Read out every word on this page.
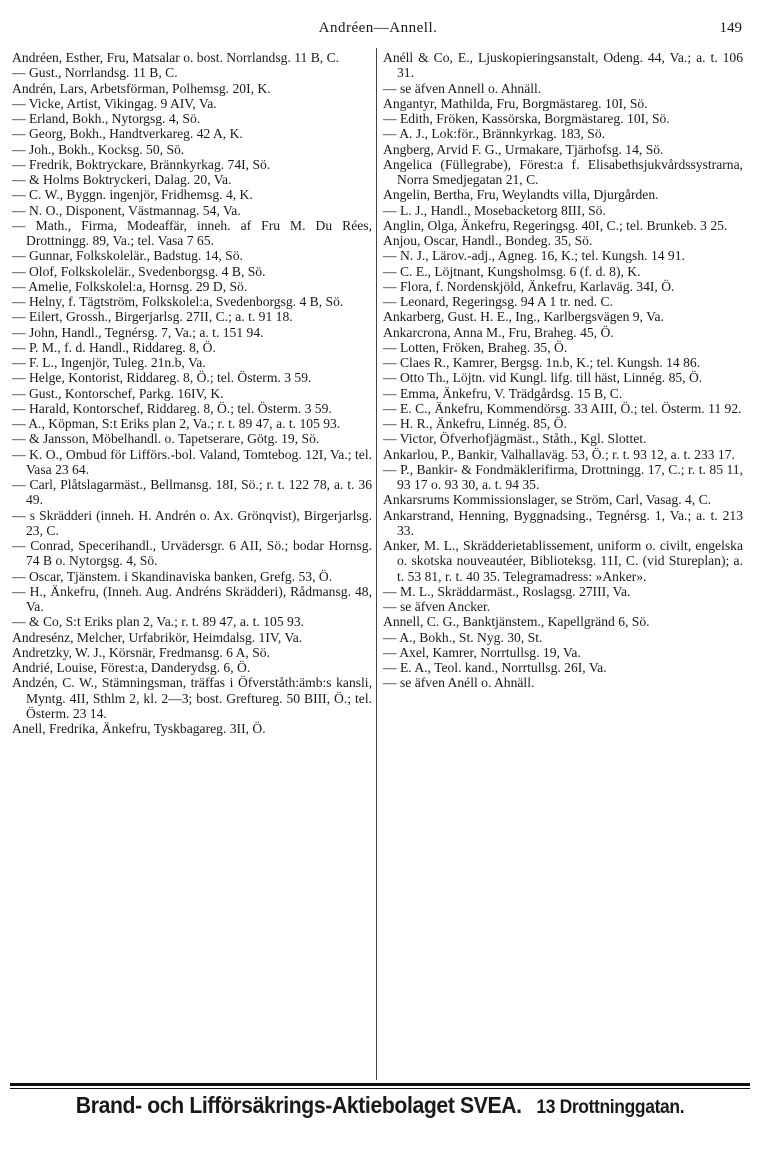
Andréen—Annell.	149

Andréen, Esther, Fru, Matsalar o. bost. Norrlandsg. 11 B, C.

— Gust., Norrlandsg. 11 B, C.

Andrén, Lars, Arbetsförman, Polhemsg. 20I, K.

— Vicke, Artist, Vikingag. 9 AIV, Va.

— Erland, Bokh., Nytorgsg. 4, Sö.

— Georg, Bokh., Handtverkareg. 42 A, K.

— Joh., Bokh., Kocksg. 50, Sö.

— Fredrik, Boktryckare, Brännkyrkag. 74I, Sö.

— & Holms Boktryckeri, Dalag. 20, Va.

— C. W., Byggn. ingenjör, Fridhemsg. 4, K.

— N. O., Disponent, Västmannag. 54, Va.

— Math., Firma, Modeaffär, inneh. af Fru M. Du Rées, Drottningg. 89, Va.; tel. Vasa 7 65.

— Gunnar, Folkskolelär., Badstug. 14, Sö.

— Olof, Folkskolelär., Svedenborgsg. 4 B, Sö.

— Amelie, Folkskolel:a, Hornsg. 29 D, Sö.

— Helny, f. Tägtström, Folkskolel:a, Svedenborgsg. 4 B, Sö.

— Eilert, Grossh., Birgerjarlsg. 27II, C.; a. t. 91 18.

— John, Handl., Tegnérsg. 7, Va.; a. t. 151 94.

— P. M., f. d. Handl., Riddareg. 8, Ö.

— F. L., Ingenjör, Tuleg. 21n.b, Va.

— Helge, Kontorist, Riddareg. 8, Ö.; tel. Österm. 3 59.

— Gust., Kontorschef, Parkg. 16IV, K.

— Harald, Kontorschef, Riddareg. 8, Ö.; tel. Österm. 3 59.

— A., Köpman, S:t Eriks plan 2, Va.; r. t. 89 47, a. t. 105 93.

— & Jansson, Möbelhandl. o. Tapetserare, Götg. 19, Sö.

— K. O., Ombud för Lifförs.-bol. Valand, Tomtebog. 12I, Va.; tel. Vasa 23 64.

— Carl, Plåtslagarmäst., Bellmansg. 18I, Sö.; r. t. 122 78, a. t. 36 49.

— s Skrädderi (inneh. H. Andrén o. Ax. Grönqvist), Birgerjarlsg. 23, C.

— Conrad, Specerihandl., Urvädersgr. 6 AII, Sö.; bodar Hornsg. 74 B o. Nytorgsg. 4, Sö.

— Oscar, Tjänstem. i Skandinaviska banken, Grefg. 53, Ö.

— H., Änkefru, (Inneh. Aug. Andréns Skrädderi), Rådmansg. 48, Va.

— & Co, S:t Eriks plan 2, Va.; r. t. 89 47, a. t. 105 93.

Andresénz, Melcher, Urfabrikör, Heimdalsg. 1IV, Va.

Andretzky, W. J., Körsnär, Fredmansg. 6 A, Sö.

Andrié, Louise, Förest:a, Danderydsg. 6, Ö.

Andzén, C. W., Stämningsman, träffas i Öfverståth:ämb:s kansli, Myntg. 4II, Sthlm 2, kl. 2—3; bost. Greftureg. 50 BIII, Ö.; tel. Österm. 23 14.

Anell, Fredrika, Änkefru, Tyskbagareg. 3II, Ö.

Anéll & Co, E., Ljuskopieringsanstalt, Odeng. 44, Va.; a. t. 106 31.

— se äfven Annell o. Ahnäll.

Angantyr, Mathilda, Fru, Borgmästareg. 10I, Sö.

— Edith, Fröken, Kassörska, Borgmästareg. 10I, Sö.

— A. J., Lok:för., Brännkyrkag. 183, Sö.

Angberg, Arvid F. G., Urmakare, Tjärhofsg. 14, Sö.

Angelica (Füllegrabe), Förest:a f. Elisabethsjukvårdssystrarna, Norra Smedjegatan 21, C.

Angelin, Bertha, Fru, Weylandts villa, Djurgården.

— L. J., Handl., Mosebacketorg 8III, Sö.

Anglin, Olga, Änkefru, Regeringsg. 40I, C.; tel. Brunkeb. 3 25.

Anjou, Oscar, Handl., Bondeg. 35, Sö.

— N. J., Lärov.-adj., Agneg. 16, K.; tel. Kungsh. 14 91.

— C. E., Löjtnant, Kungsholmsg. 6 (f. d. 8), K.

— Flora, f. Nordenskjöld, Änkefru, Karlaväg. 34I, Ö.

— Leonard, Regeringsg. 94 A 1 tr. ned. C.

Ankarberg, Gust. H. E., Ing., Karlbergsvägen 9, Va.

Ankarcrona, Anna M., Fru, Braheg. 45, Ö.

— Lotten, Fröken, Braheg. 35, Ö.

— Claes R., Kamrer, Bergsg. 1n.b, K.; tel. Kungsh. 14 86.

— Otto Th., Löjtn. vid Kungl. lifg. till häst, Linnég. 85, Ö.

— Emma, Änkefru, V. Trädgårdsg. 15 B, C.

— E. C., Änkefru, Kommendörsg. 33 AIII, Ö.; tel. Österm. 11 92.

— H. R., Änkefru, Linnég. 85, Ö.

— Victor, Öfverhofjägmäst., Ståth., Kgl. Slottet.

Ankarlou, P., Bankir, Valhallaväg. 53, Ö.; r. t. 93 12, a. t. 233 17.

— P., Bankir- & Fondmäklerifirma, Drottningg. 17, C.; r. t. 85 11, 93 17 o. 93 30, a. t. 94 35.

Ankarsrums Kommissionslager, se Ström, Carl, Vasag. 4, C.

Ankarstrand, Henning, Byggnadsing., Tegnérsg. 1, Va.; a. t. 213 33.

Anker, M. L., Skrädderietablissement, uniform o. civilt, engelska o. skotska nouveautéer, Biblioteksg. 11I, C. (vid Stureplan); a. t. 53 81, r. t. 40 35. Telegramadress: »Anker».

— M. L., Skräddarmäst., Roslagsg. 27III, Va.

— se äfven Ancker.

Annell, C. G., Banktjänstem., Kapellgränd 6, Sö.

— A., Bokh., St. Nyg. 30, St.

— Axel, Kamrer, Norrtullsg. 19, Va.

— E. A., Teol. kand., Norrtullsg. 26I, Va.

— se äfven Anéll o. Ahnäll.

Brand- och Lifförsäkrings-Aktiebolaget SVEA. 13 Drottninggatan.
